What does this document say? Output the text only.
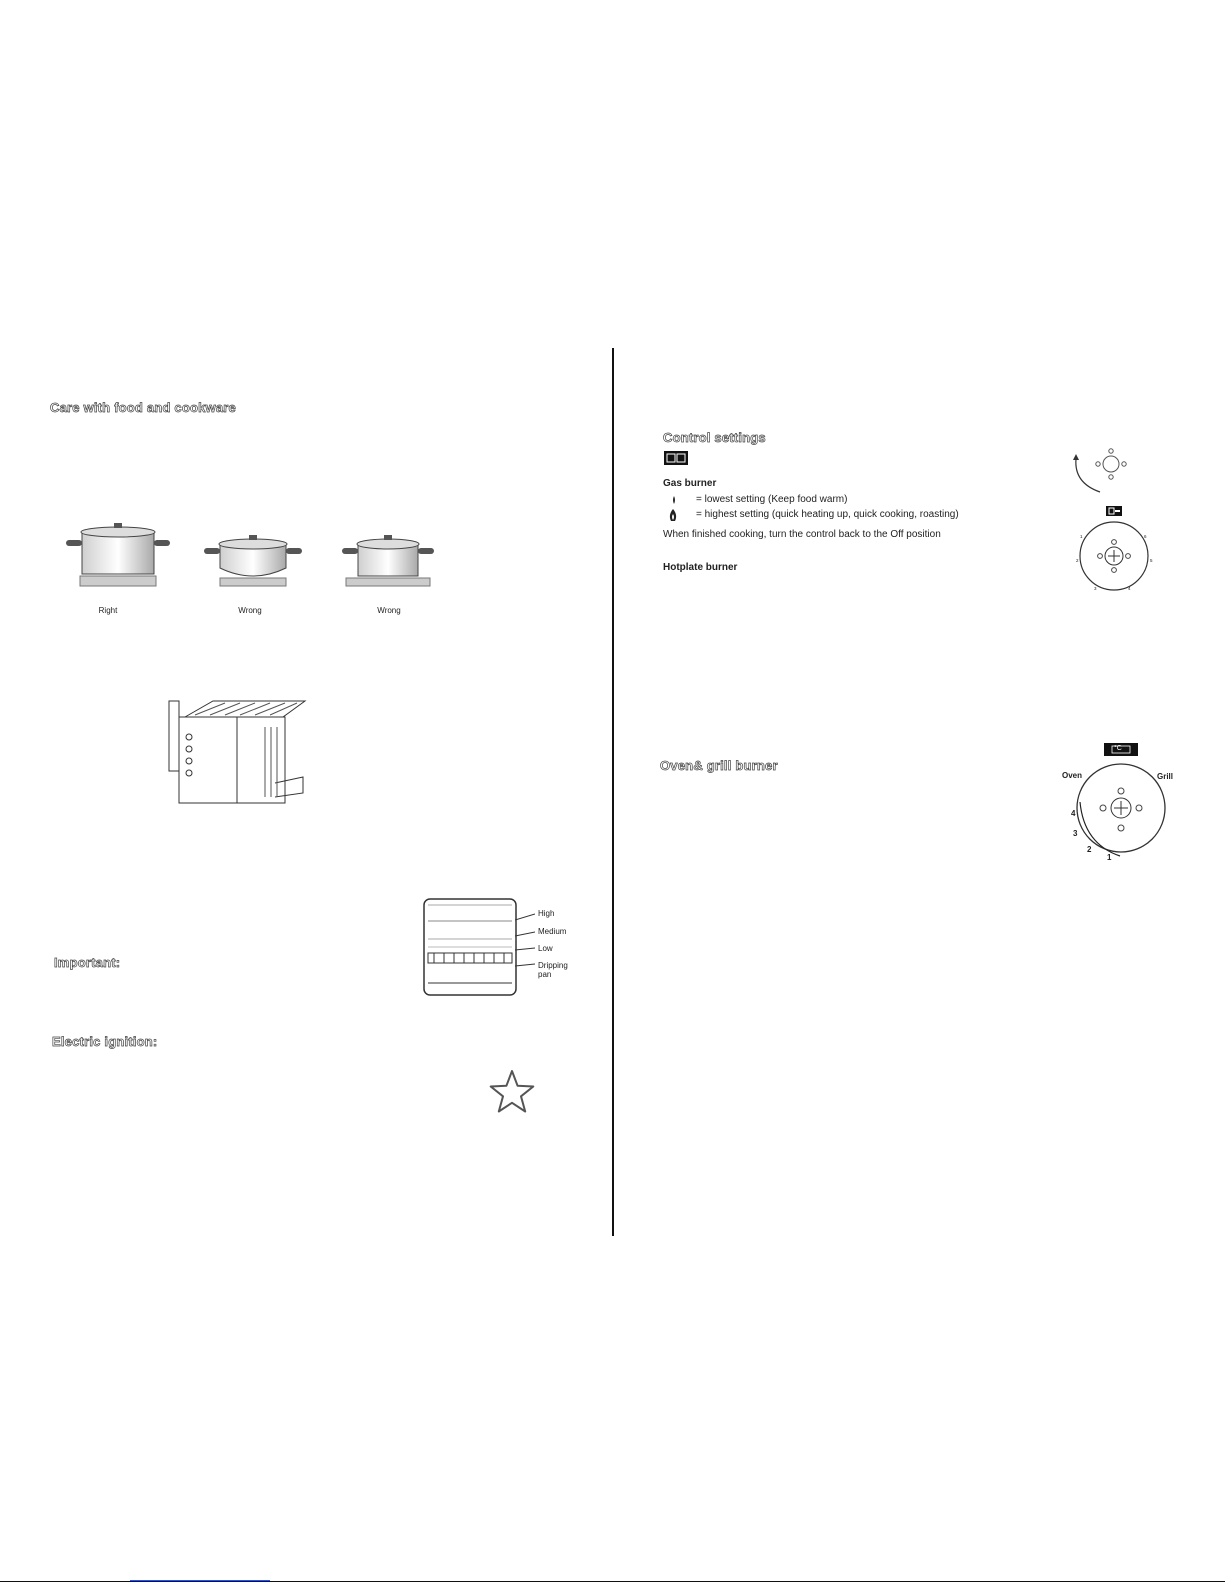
Care with food and cookware
Right	Wrong	Wrong
High
Medium
Low
Dripping
pan
Important:
Electric ignition:
Control settings
Gas burner
= lowest setting (Keep food warm)
= highest setting (quick heating up, quick cooking, roasting)
When finished cooking, turn the control back to the Off position
Hotplate burner
1
2
3	4
5
6
Oven& grill burner
Oven	Grill
4
3
2
1
°C
